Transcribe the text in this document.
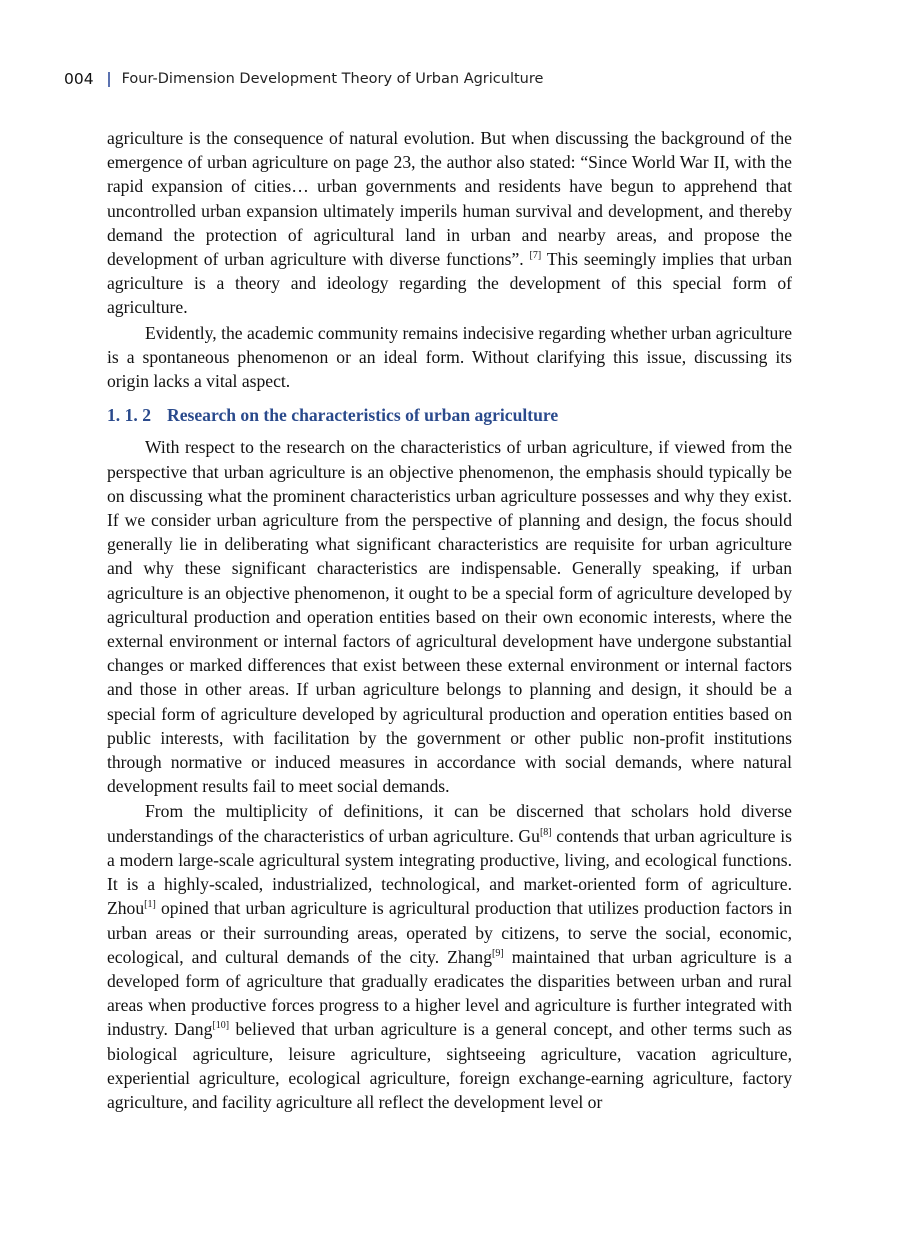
004 Four-Dimension Development Theory of Urban Agriculture

agriculture is the consequence of natural evolution. But when discussing the background of the emergence of urban agriculture on page 23, the author also stated: “Since World War II, with the rapid expansion of cities… urban governments and residents have begun to apprehend that uncontrolled urban expansion ultimately imperils human survival and development, and thereby demand the protection of agricultural land in urban and nearby areas, and propose the development of urban agriculture with diverse functions”. [7] This seemingly implies that urban agriculture is a theory and ideology regarding the development of this special form of agriculture.

Evidently, the academic community remains indecisive regarding whether urban agriculture is a spontaneous phenomenon or an ideal form. Without clarifying this issue, discussing its origin lacks a vital aspect.

1. 1. 2 Research on the characteristics of urban agriculture

With respect to the research on the characteristics of urban agriculture, if viewed from the perspective that urban agriculture is an objective phenomenon, the emphasis should typically be on discussing what the prominent characteristics urban agriculture possesses and why they exist. If we consider urban agriculture from the perspective of planning and design, the focus should generally lie in deliberating what significant characteristics are requisite for urban agriculture and why these significant characteristics are indispensable. Generally speaking, if urban agriculture is an objective phenomenon, it ought to be a special form of agriculture developed by agricultural production and operation entities based on their own economic interests, where the external environment or internal factors of agricultural development have undergone substantial changes or marked differences that exist between these external environment or internal factors and those in other areas. If urban agriculture belongs to planning and design, it should be a special form of agriculture developed by agricultural production and operation entities based on public interests, with facilitation by the government or other public non-profit institutions through normative or induced measures in accordance with social demands, where natural development results fail to meet social demands.

From the multiplicity of definitions, it can be discerned that scholars hold diverse understandings of the characteristics of urban agriculture. Gu[8] contends that urban agriculture is a modern large-scale agricultural system integrating productive, living, and ecological functions. It is a highly-scaled, industrialized, technological, and market-oriented form of agriculture. Zhou[1] opined that urban agriculture is agricultural production that utilizes production factors in urban areas or their surrounding areas, operated by citizens, to serve the social, economic, ecological, and cultural demands of the city. Zhang[9] maintained that urban agriculture is a developed form of agriculture that gradually eradicates the disparities between urban and rural areas when productive forces progress to a higher level and agriculture is further integrated with industry. Dang[10] believed that urban agriculture is a general concept, and other terms such as biological agriculture, leisure agriculture, sightseeing agriculture, vacation agriculture, experiential agriculture, ecological agriculture, foreign exchange-earning agriculture, factory agriculture, and facility agriculture all reflect the development level or
